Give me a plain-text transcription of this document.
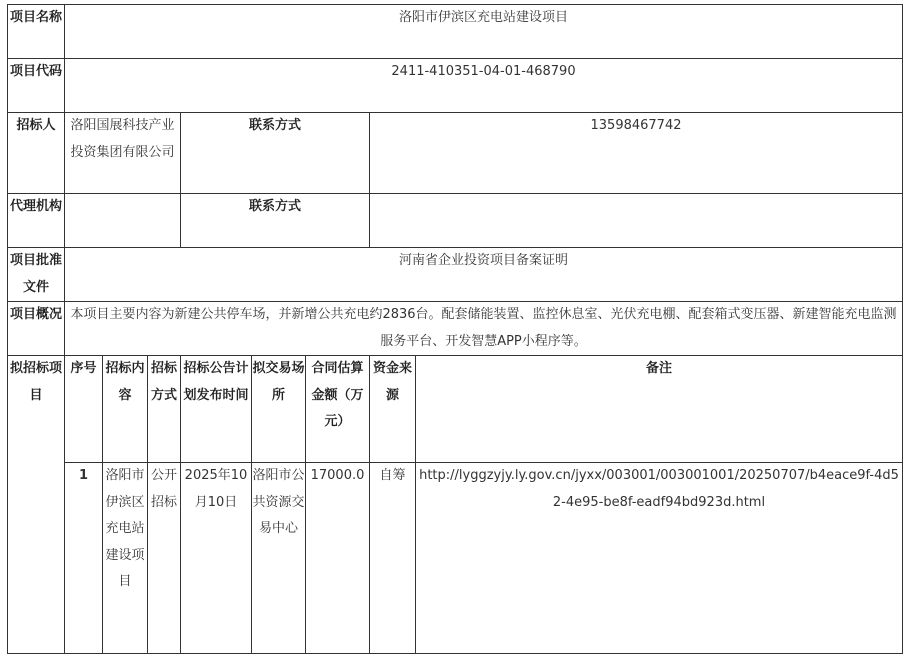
项目名称	洛阳市伊滨区充电站建设项目							
项目代码	2411-410351-04-01-468790							
招标人	洛阳国展科技产业投资集团有限公司			联系方式			13598467742	
代理机构				联系方式				
项目批准文件	河南省企业投资项目备案证明							
项目概况	本项目主要内容为新建公共停车场，并新增公共充电约2836台。配套储能装置、监控休息室、光伏充电棚、配套箱式变压器、新建智能充电监测服务平台、开发智慧APP小程序等。							
拟招标项目	序号	招标内容	招标方式	招标公告计划发布时间	拟交易场所	合同估算金额（万元）	资金来源	备注
	1	洛阳市伊滨区充电站建设项目	公开招标	2025年10月10日	洛阳市公共资源交易中心	17000.0	自筹	http://lyggzyjy.ly.gov.cn/jyxx/003001/003001001/20250707/b4eace9f-4d52-4e95-be8f-eadf94bd923d.html
